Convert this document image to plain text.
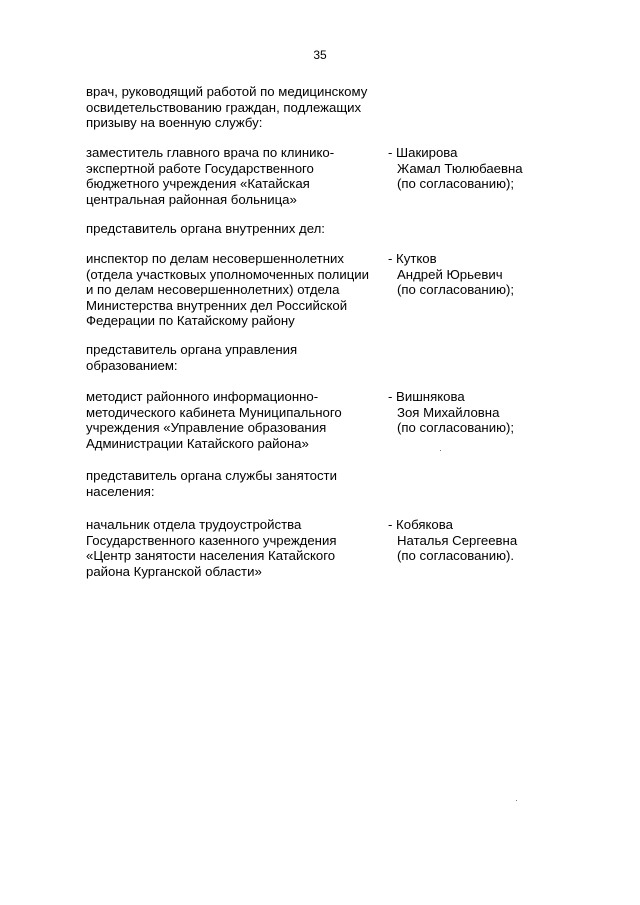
35
врач, руководящий работой по медицинскому
освидетельствованию граждан, подлежащих
призыву на военную службу:
заместитель главного врача по клинико-
экспертной работе Государственного
бюджетного учреждения «Катайская
центральная районная больница»
- Шакирова
Жамал Тюлюбаевна
(по согласованию);
представитель органа внутренних дел:
инспектор по делам несовершеннолетних
(отдела участковых уполномоченных полиции
и по делам несовершеннолетних) отдела
Министерства внутренних дел Российской
Федерации по Катайскому району
- Кутков
Андрей Юрьевич
(по согласованию);
представитель органа управления
образованием:
методист районного информационно-
методического кабинета Муниципального
учреждения «Управление образования
Администрации Катайского района»
- Вишнякова
Зоя Михайловна
(по согласованию);
представитель органа службы занятости
населения:
начальник отдела трудоустройства
Государственного казенного учреждения
«Центр занятости населения Катайского
района Курганской области»
- Кобякова
Наталья Сергеевна
(по согласованию).
